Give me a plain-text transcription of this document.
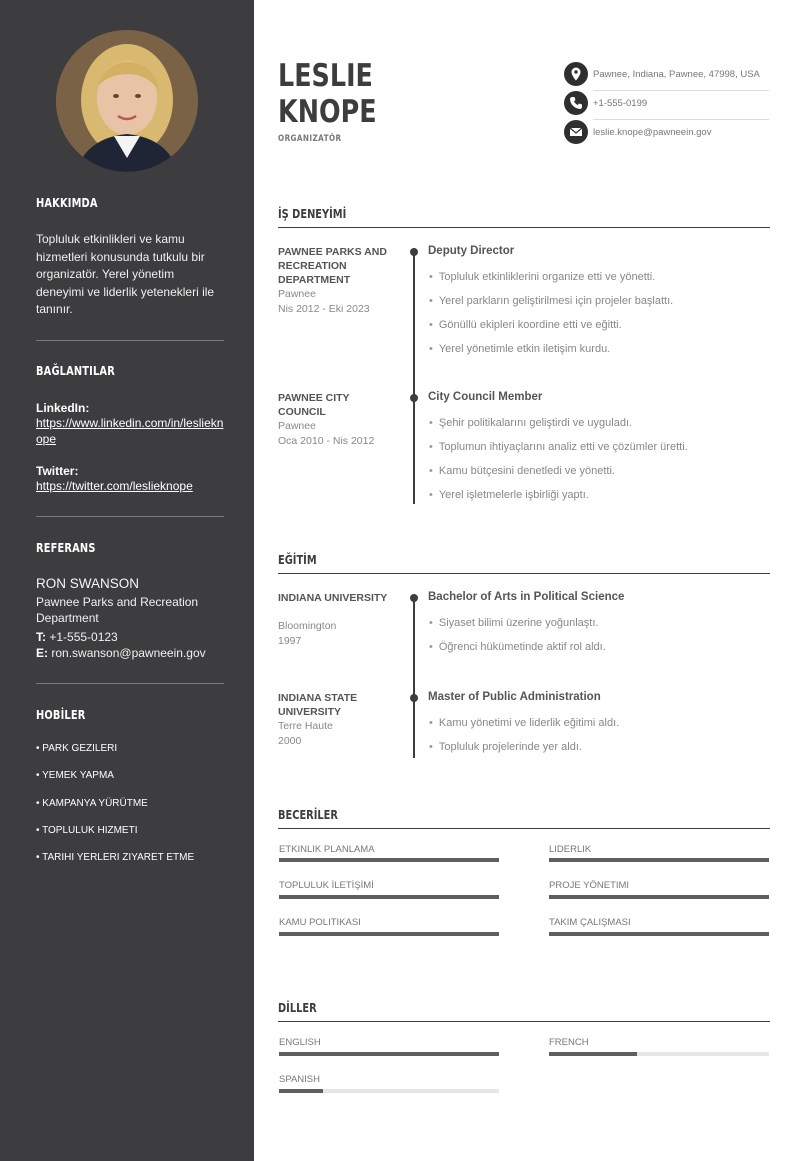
HAKKIMDA
Topluluk etkinlikleri ve kamu hizmetleri konusunda tutkulu bir organizatör. Yerel yönetim deneyimi ve liderlik yetenekleri ile tanınır.
BAĞLANTILAR
LinkedIn:
https://www.linkedin.com/in/leslieknope
Twitter:
https://twitter.com/leslieknope
REFERANS
RON SWANSON
Pawnee Parks and Recreation Department
T: +1-555-0123
E: ron.swanson@pawneein.gov
HOBİLER
• PARK GEZILERI
• YEMEK YAPMA
• KAMPANYA YÜRÜTME
• TOPLULUK HIZMETI
• TARIHI YERLERI ZIYARET ETME
LESLIE
KNOPE
ORGANIZATÖR
Pawnee, Indiana, Pawnee, 47998, USA
+1-555-0199
leslie.knope@pawneein.gov
İŞ DENEYİMİ
PAWNEE PARKS AND RECREATION DEPARTMENT
Pawnee
Nis 2012 - Eki 2023
Deputy Director
• Topluluk etkinliklerini organize etti ve yönetti.
• Yerel parkların geliştirilmesi için projeler başlattı.
• Gönüllü ekipleri koordine etti ve eğitti.
• Yerel yönetimle etkin iletişim kurdu.
PAWNEE CITY COUNCIL
Pawnee
Oca 2010 - Nis 2012
City Council Member
• Şehir politikalarını geliştirdi ve uyguladı.
• Toplumun ihtiyaçlarını analiz etti ve çözümler üretti.
• Kamu bütçesini denetledi ve yönetti.
• Yerel işletmelerle işbirliği yaptı.
EĞİTİM
INDIANA UNIVERSITY
Bloomington
1997
Bachelor of Arts in Political Science
• Siyaset bilimi üzerine yoğunlaştı.
• Öğrenci hükümetinde aktif rol aldı.
INDIANA STATE UNIVERSITY
Terre Haute
2000
Master of Public Administration
• Kamu yönetimi ve liderlik eğitimi aldı.
• Topluluk projelerinde yer aldı.
BECERİLER
ETKINLIK PLANLAMA	LIDERLIK
TOPLULUK İLETİŞİMİ	PROJE YÖNETIMI
KAMU POLITIKASI	TAKIM ÇALIŞMASI
DİLLER
ENGLISH	FRENCH
SPANISH
